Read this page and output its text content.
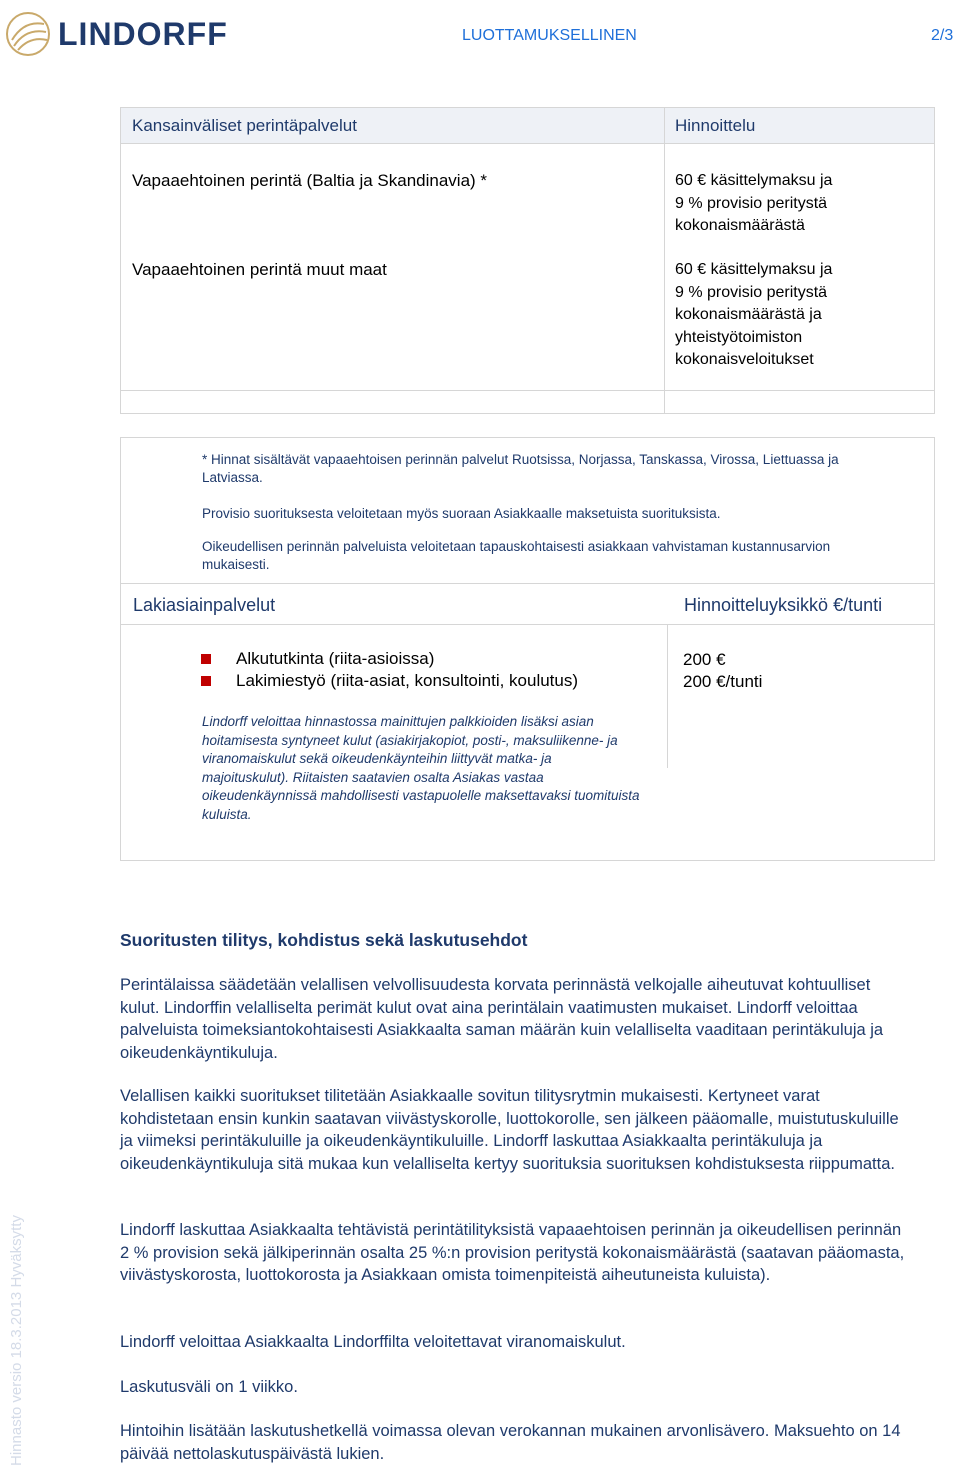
LINDORFF	LUOTTAMUKSELLINEN	2/3
Hinnasto versio 18.3.2013 Hyväksytty
Kansainväliset perintäpalvelut	Hinnoittelu
Vapaaehtoinen perintä (Baltia ja Skandinavia) *	60 € käsittelymaksu ja
9 % provisio peritystä
kokonaismäärästä
Vapaaehtoinen perintä muut maat	60 € käsittelymaksu ja
9 % provisio peritystä
kokonaismäärästä ja
yhteistyötoimiston
kokonaisveloitukset

* Hinnat sisältävät vapaaehtoisen perinnän palvelut Ruotsissa, Norjassa, Tanskassa, Virossa, Liettuassa ja Latviassa.

Provisio suorituksesta veloitetaan myös suoraan Asiakkaalle maksetuista suorituksista.

Oikeudellisen perinnän palveluista veloitetaan tapauskohtaisesti asiakkaan vahvistaman kustannusarvion mukaisesti.

Lakiasiainpalvelut	Hinnoitteluyksikkö €/tunti
Alkututkinta (riita-asioissa)	200 €
Lakimiestyö (riita-asiat, konsultointi, koulutus)	200 €/tunti

Lindorff veloittaa hinnastossa mainittujen palkkioiden lisäksi asian hoitamisesta syntyneet kulut (asiakirjakopiot, posti-, maksuliikenne- ja viranomaiskulut sekä oikeudenkäynteihin liittyvät matka- ja majoituskulut). Riitaisten saatavien osalta Asiakas vastaa oikeudenkäynnissä mahdollisesti vastapuolelle maksettavaksi tuomituista kuluista.

Suoritusten tilitys, kohdistus sekä laskutusehdot

Perintälaissa säädetään velallisen velvollisuudesta korvata perinnästä velkojalle aiheutuvat kohtuulliset kulut. Lindorffin velalliselta perimät kulut ovat aina perintälain vaatimusten mukaiset. Lindorff veloittaa palveluista toimeksiantokohtaisesti Asiakkaalta saman määrän kuin velalliselta vaaditaan perintäkuluja ja oikeudenkäyntikuluja.

Velallisen kaikki suoritukset tilitetään Asiakkaalle sovitun tilitysrytmin mukaisesti. Kertyneet varat kohdistetaan ensin kunkin saatavan viivästyskorolle, luottokorolle, sen jälkeen pääomalle, muistutuskuluille ja viimeksi perintäkuluille ja oikeudenkäyntikuluille. Lindorff laskuttaa Asiakkaalta perintäkuluja ja oikeudenkäyntikuluja sitä mukaa kun velalliselta kertyy suorituksia suorituksen kohdistuksesta riippumatta.

Lindorff laskuttaa Asiakkaalta tehtävistä perintätilityksistä vapaaehtoisen perinnän ja oikeudellisen perinnän 2 % provision sekä jälkiperinnän osalta 25 %:n provision peritystä kokonaismäärästä (saatavan pääomasta, viivästyskorosta, luottokorosta ja Asiakkaan omista toimenpiteistä aiheutuneista kuluista).

Lindorff veloittaa Asiakkaalta Lindorffilta veloitettavat viranomaiskulut.

Laskutusväli on 1 viikko.

Hintoihin lisätään laskutushetkellä voimassa olevan verokannan mukainen arvonlisävero. Maksuehto on 14 päivää nettolaskutuspäivästä lukien.
